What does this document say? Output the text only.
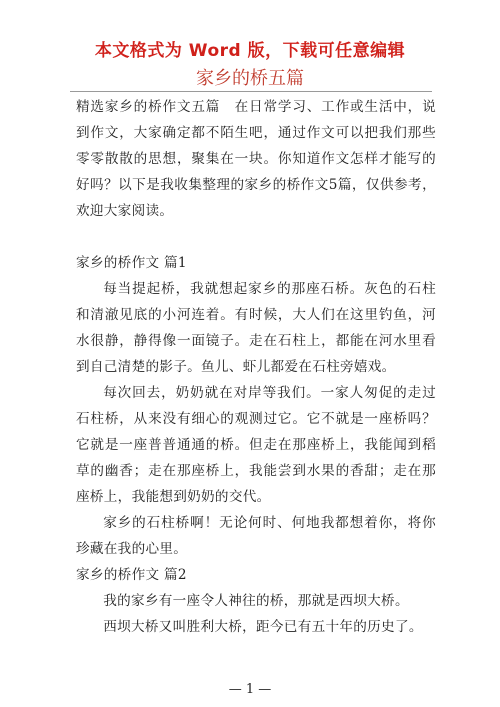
本文格式为 Word 版，下载可任意编辑
家乡的桥五篇

精选家乡的桥作文五篇　在日常学习、工作或生活中，说到作文，大家确定都不陌生吧，通过作文可以把我们那些零零散散的思想，聚集在一块。你知道作文怎样才能写的好吗？以下是我收集整理的家乡的桥作文5篇，仅供参考，欢迎大家阅读。

家乡的桥作文 篇1

每当提起桥，我就想起家乡的那座石桥。灰色的石柱和清澈见底的小河连着。有时候，大人们在这里钓鱼，河水很静，静得像一面镜子。走在石柱上，都能在河水里看到自己清楚的影子。鱼儿、虾儿都爱在石柱旁嬉戏。

每次回去，奶奶就在对岸等我们。一家人匆促的走过石柱桥，从来没有细心的观测过它。它不就是一座桥吗？它就是一座普普通通的桥。但走在那座桥上，我能闻到稻草的幽香；走在那座桥上，我能尝到水果的香甜；走在那座桥上，我能想到奶奶的交代。

家乡的石柱桥啊！无论何时、何地我都想着你，将你珍藏在我的心里。

家乡的桥作文 篇2

我的家乡有一座令人神往的桥，那就是西坝大桥。

西坝大桥又叫胜利大桥，距今已有五十年的历史了。

— 1 —
